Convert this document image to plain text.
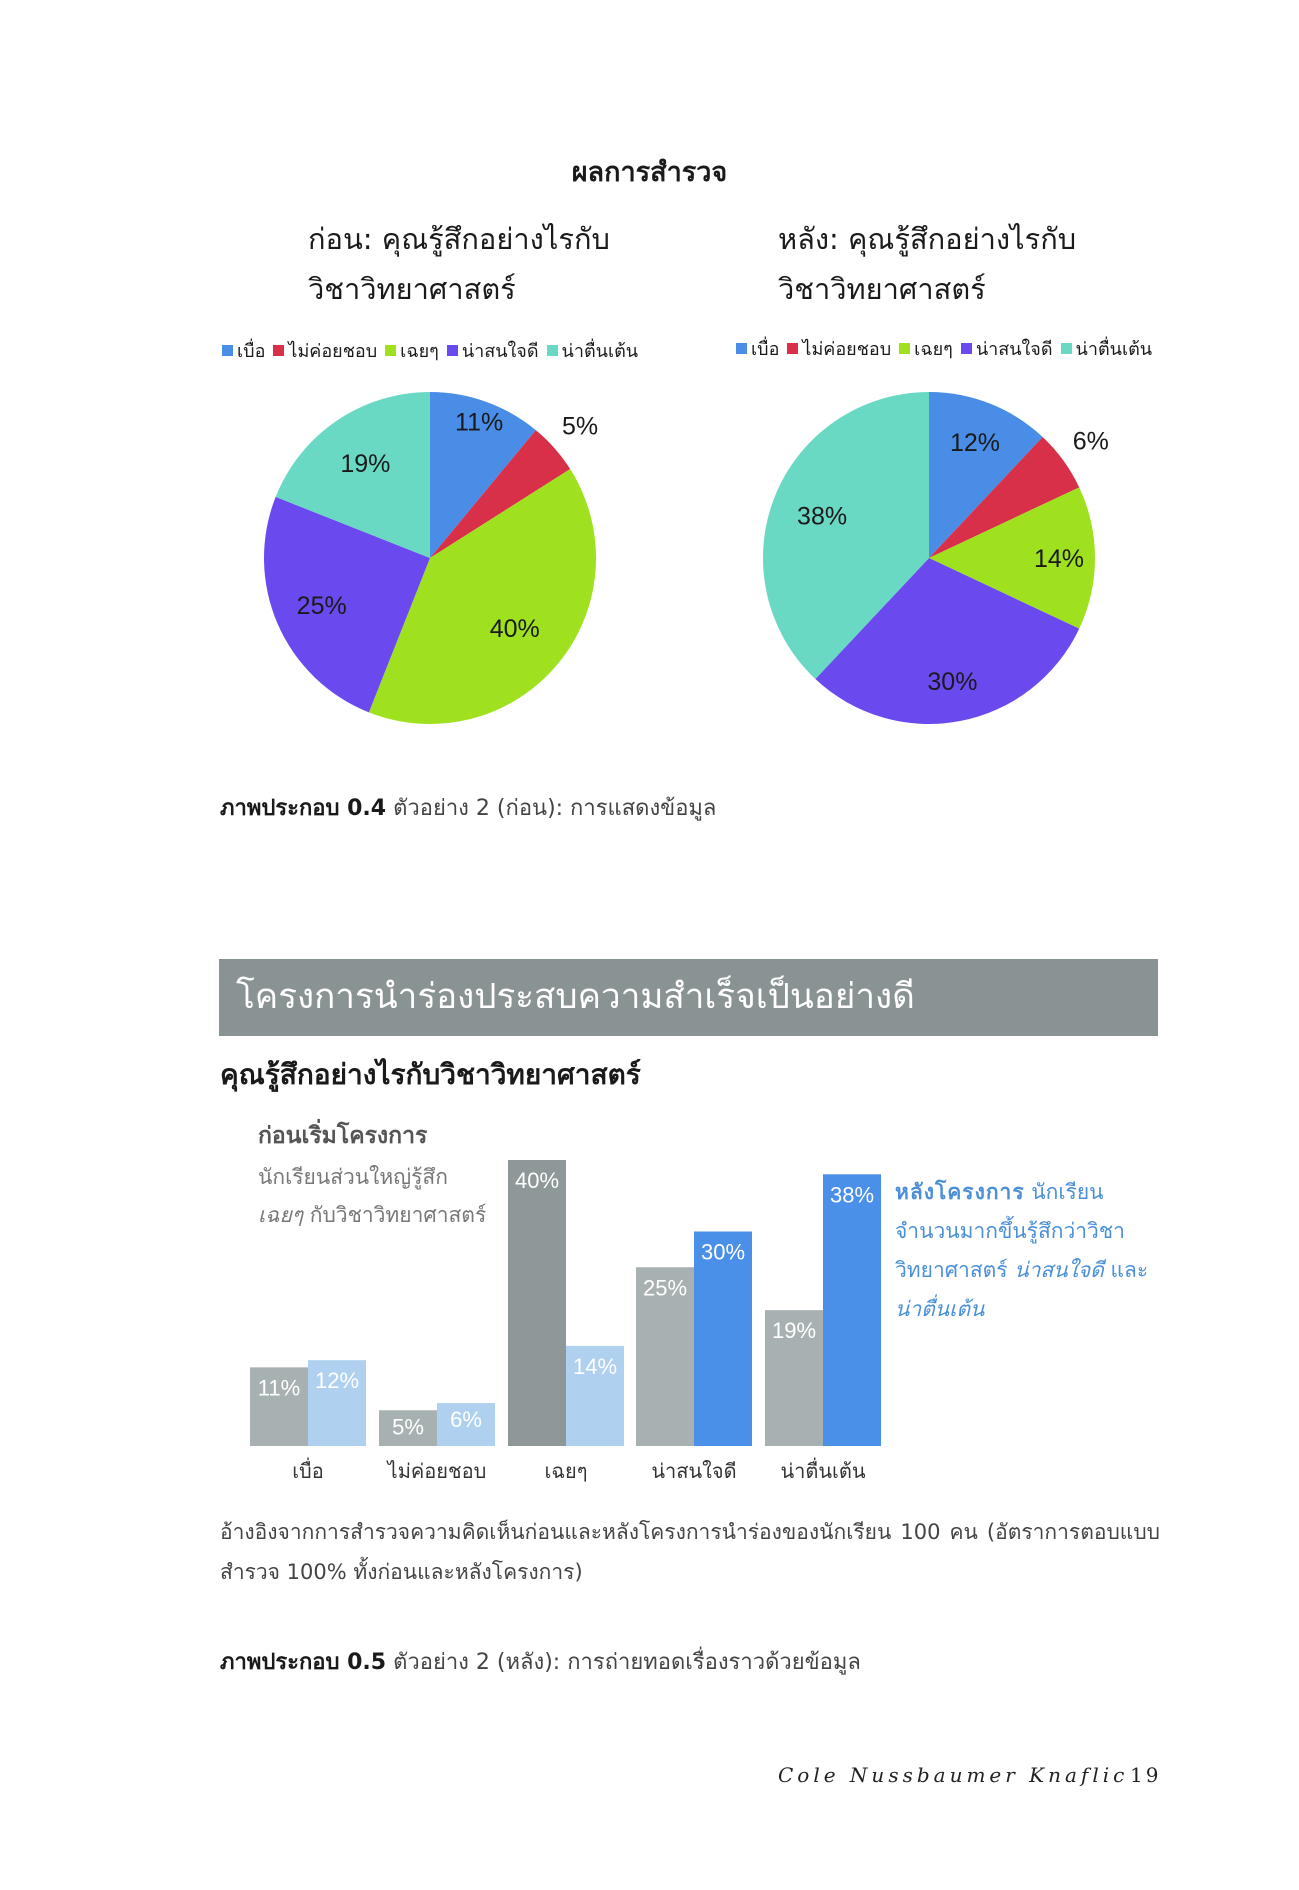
ผลการสำรวจ
ก่อน: คุณรู้สึกอย่างไรกับ
วิชาวิทยาศาสตร์
เบื่อ ไม่ค่อยชอบ เฉยๆ น่าสนใจดี น่าตื่นเต้น
11% 5%
40%
25%
19%
12%	6%
14%
30%
38%
หลัง: คุณรู้สึกอย่างไรกับ
วิชาวิทยาศาสตร์
เบื่อ ไม่ค่อยชอบ เฉยๆ น่าสนใจดี น่าตื่นเต้น
ภาพประกอบ 0.4 ตัวอย่าง 2 (ก่อน): การแสดงข้อมูล
โครงการนำร่องประสบความสำเร็จเป็นอย่างดี
คุณรู้สึกอย่างไรกับวิชาวิทยาศาสตร์
ก่อนเริ่มโครงการ
นักเรียนส่วนใหญ่รู้สึก
เฉยๆ กับวิชาวิทยาศาสตร์
หลังโครงการ นักเรียนจำนวนมากขึ้นรู้สึกว่าวิชาวิทยาศาสตร์ น่าสนใจดี และ น่าตื่นเต้น
11% 12%
เบื่อ
5% 6%
ไม่ค่อยชอบ
40%
14%
เฉยๆ
25%
30%
น่าสนใจดี
19%
38%
น่าตื่นเต้น
อ้างอิงจากการสำรวจความคิดเห็นก่อนและหลังโครงการนำร่องของนักเรียน 100 คน (อัตราการตอบแบบสำรวจ 100% ทั้งก่อนและหลังโครงการ)
ภาพประกอบ 0.5 ตัวอย่าง 2 (หลัง): การถ่ายทอดเรื่องราวด้วยข้อมูล
Cole Nussbaumer Knaflic 19
